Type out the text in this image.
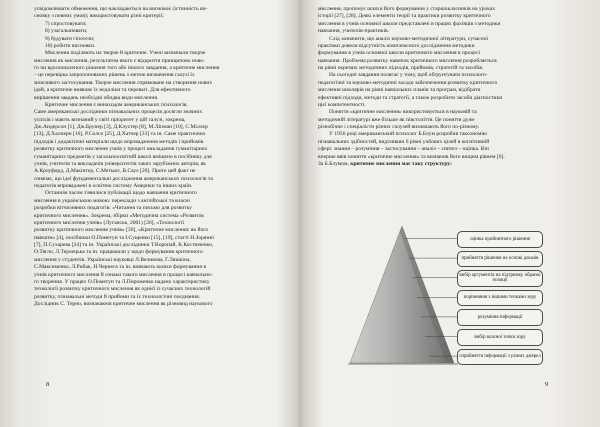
усвідомлювати обмеження, що накладаються на висновок (істинність ви-
сновку з певних умов); використовувати різні критерії;
7) спростовувати;
8) узагальнювати;
9) будувати гіпотези;
10) робити висновки.
Мислення поділяють на творче й критичне. Учені визначали творче
мислення як мислення, результатом якого є відкриття принципово ново-
го чи вдосконаленого рішення того або іншого завдання, а критичне мислення
– це перевірка запропонованих рішень з метою визначення галузі їх
можливого застосування. Творче мислення спрямоване на створення нових
ідей, а критичне виявляє їх недоліки та перевагі. Для ефективного
вирішення завдань необхідні обидва види мислення.
Критичне мислення є винаходом американських психологів.
Саме американські дослідники пізнавальних процесів досягли значних
успіхів і мають визнаний у світі пріоритет у цій галузі, зокрема,
Дж.Андерсон [1], Дж.Брунер [3], Д.Клустер [8], М.Ліпман [10], С.Міллер
[13], Д.Халперн [16], Р.Солсо [25], Д.Хатчер [33] та ін. Саме практичних
підходів і дидактичні матеріали щодо впровадження методів і прийомів
розвитку критичного мислення учнів у процесі викладання гуманітарних
гуманітарних предметів у загальноосвітній школі вміщено в посібнику для
учнів, учителів та викладачів університетів таких зарубіжних авторів, як
А.Кроуфорд, Д.Макінтер, С.Метьюз, В.Саул [20]. Проте цей факт не
означає, що ідеї фундаментальні дослідження американських психологів та
педагогів впроваджені в освітню систему Америки та інших країн.
Останнім часом з'явилися публікації щодо навчання критичного
мислення в українською мовою: переклади з англійської та власні
розробки вітчизняних педагогів: «Читання та письмо для розвитку
критичного мислення». Зокрема, збірки «Методична система «Розвиток
критичного мислення учнів» (Луганськ, 2001) [26], «Технології
розвитку критичного мислення учнів» [30], «Критичне мислення: як його
навчати» [4], посібники О.Пометун та І.Сущенко [15], [19], статті Н.Зорянні
[7], П.Сухарева [24] та ін. Українські дослідники Т.Воропай, К.Костюченко,
О.Тягло, Л.Терлецька та ін. працювали у щодо формування критичного
мислення у студентів. Українські науковці Л.Великова, Г.Ляшкіна,
С.Максименко, Л.Рибак, Н.Чернега та ін. вивчають шляхи формування в
учнів критичного мислення й ознаки такого мислення в процесі навчально-
го творення. У працях О.Пометун та Л.Пироженко надано характеристику
технології розвитку критичного мислення як однієї із сучасних технологій
розвитку, пізнавальні методи й прийоми та їх технологічні поєднання.
Дослідник С. Терно, визначаючи критичне мислення як різновид наукового
8
мислення, пропонує шляхи його формування у старшокласників на уроках
історії [27], [28]. Деякі елементи теорії та практики розвитку критичного
мислення в учнів основної школи представлені в працях фахівців з методики
навчання, учителів-практиків.
Слід зазначити, що аналіз науково-методичної літератури, сучасної
практики довели відсутність комплексного дослідження методики
формування в учнів основної школи критичного мислення в процесі
навчання. Проблема розвитку навичок критичного мислення розробляється
на рівні окремих методичних підходів, прийомів, стратегій та засобів.
На сьогодні завдання полягає у тому, щоб обґрунтувати психолого-
педагогічні та науково-методичні засади забезпечення розвитку критичного
мислення школярів на рівні навчальних планів та програм, відібрати
ефективні підходи, методи та стратегії, а також розробити засоби діагностики
цієї компетентності.
Поняття «критичне мислення» використовується в науковій та
методичній літературі вже більше як півстоліття. Це поняття дуже
різнобічне і спеціалісти різних галузей визначають його по-різному.
У 1956 році американський психолог Б.Блум розробив таксономію
пізнавальних здібностей, виділивши 6 рівні учбових цілей в когнітивній
сфері: знання – розуміння – застосування – аналіз – синтез – оцінка. Він
вперше ввів поняття «критичне мислення» та визначив його вищим рівнем [6].
За Б.Блумом, критичне мислення має таку структуру:
9
оцінка прийнятного рішення
прийняття рішення на основі доказів
вибір аргументів на підтримку обраної позиції
порівняння з іншими точками зору
розуміння інформації
вибір власної точки зору
сприйняття інформації з різних джерел
